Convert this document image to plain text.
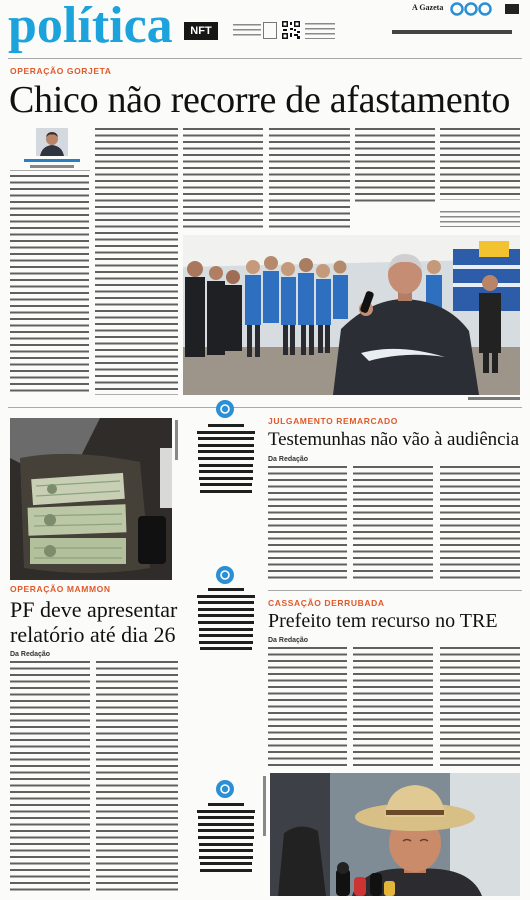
política	NFT
A Gazeta
OPERAÇÃO GORJETA
Chico não recorre de afastamento
OPERAÇÃO MAMMON
PF deve apresentar
relatório até dia 26
Da Redação
JULGAMENTO REMARCADO
Testemunhas não vão à audiência
Da Redação
CASSAÇÃO DERRUBADA
Prefeito tem recurso no TRE
Da Redação
